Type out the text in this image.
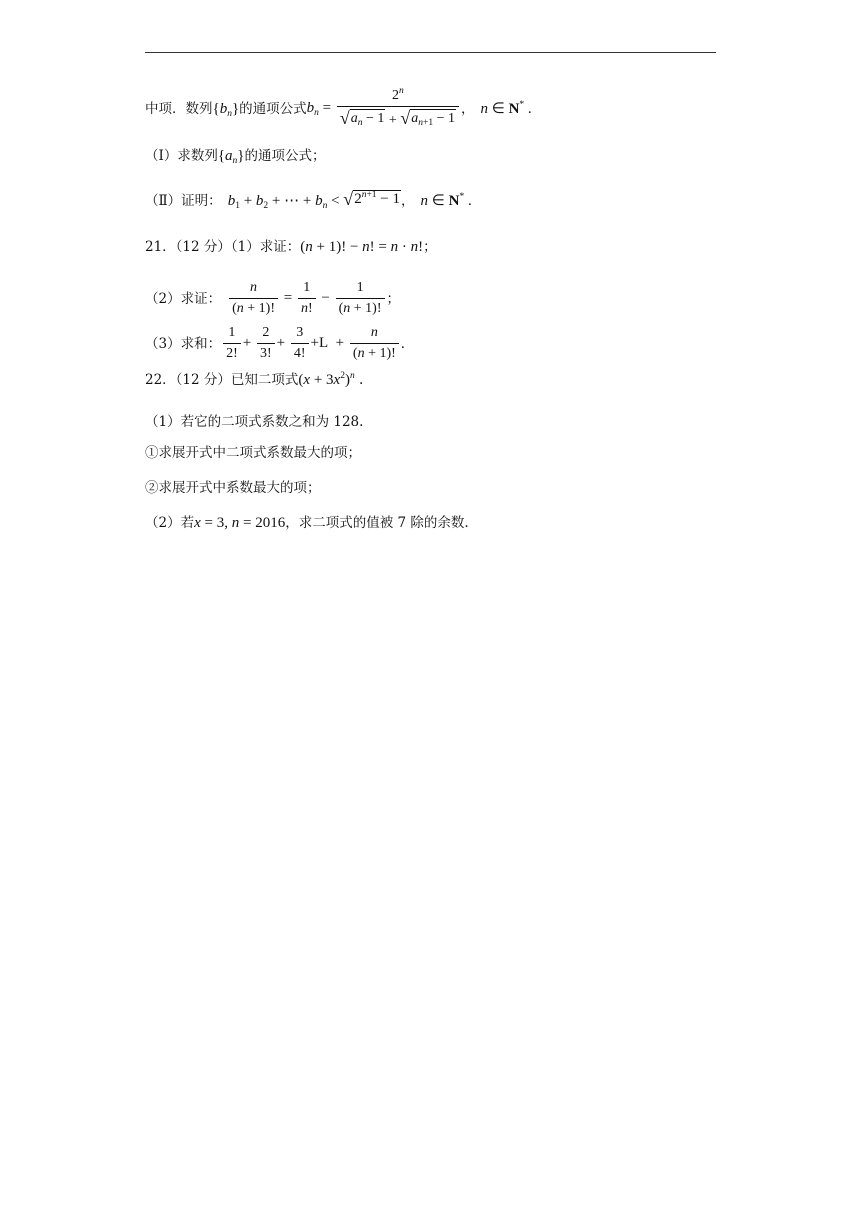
中项．数列 $\{b_n\}$ 的通项公式 $b_n = \frac{2^n}{√ a_n - 1 + √ a_{n+1} - 1}$ ， n ∈ N* .
（Ⅰ）求数列 $\{a_n\}$ 的通项公式；
（Ⅱ）证明： $b_1 + b_2$ + ⋯ + $b_n$ < √ $2^{n+1} - 1$ ， n ∈ N* .
21．（12 分）（1）求证： (n + 1)! − n! = n · n! ；
（2）求证： $\frac{n}{(n + 1)!} = \frac{1}{n!} - \frac{1}{(n + 1)!}$ ；
（3）求和： $\frac{1}{2!} + \frac{2}{3!} + \frac{3}{4!} +L + \frac{n}{(n + 1)!}$ ．
22．（12 分）已知二项式 $(x + 3x^2)^n$ .
（1）若它的二项式系数之和为 128.
①求展开式中二项式系数最大的项；
②求展开式中系数最大的项；
（2）若 x = 3, n = 2016 ，求二项式的值被 7 除的余数.
